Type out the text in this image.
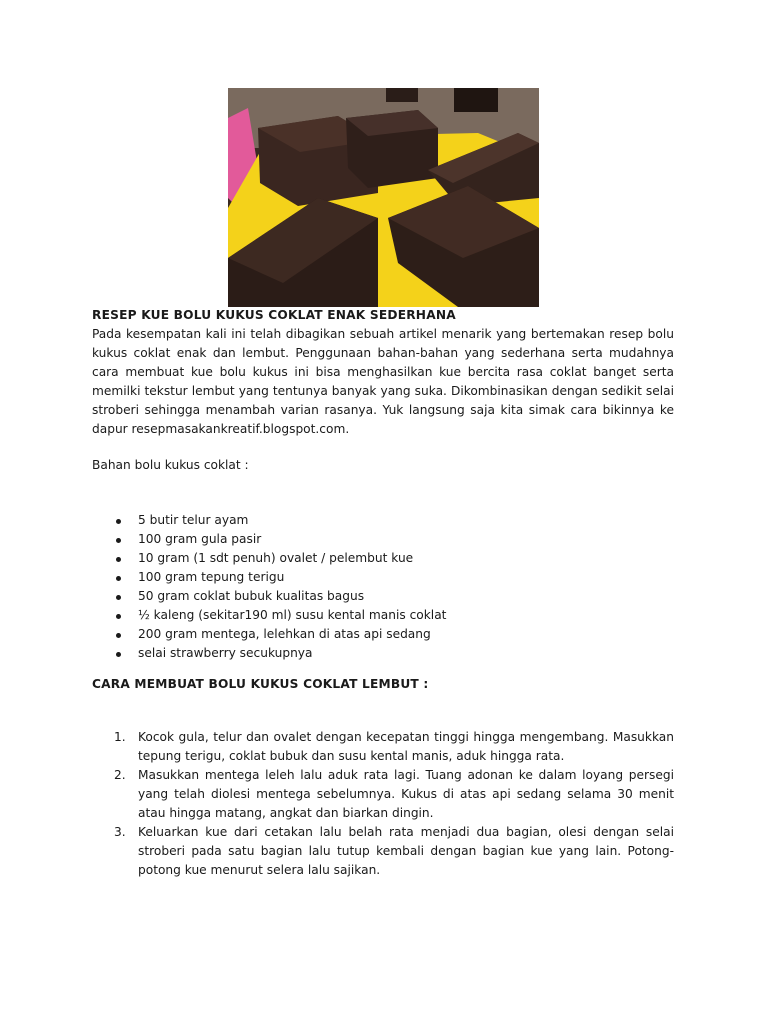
RESEP KUE BOLU KUKUS COKLAT ENAK SEDERHANA

Pada kesempatan kali ini telah dibagikan sebuah artikel menarik yang bertemakan resep bolu kukus coklat enak dan lembut. Penggunaan bahan-bahan yang sederhana serta mudahnya cara membuat kue bolu kukus ini bisa menghasilkan kue bercita rasa coklat banget serta memilki tekstur lembut yang tentunya banyak yang suka. Dikombinasikan dengan sedikit selai stroberi sehingga menambah varian rasanya. Yuk langsung saja kita simak cara bikinnya ke dapur resepmasakankreatif.blogspot.com.

Bahan bolu kukus coklat :

5 butir telur ayam
100 gram gula pasir
10 gram (1 sdt penuh) ovalet / pelembut kue
100 gram tepung terigu
50 gram coklat bubuk kualitas bagus
½ kaleng (sekitar190 ml) susu kental manis coklat
200 gram mentega, lelehkan di atas api sedang
selai strawberry secukupnya

CARA MEMBUAT BOLU KUKUS COKLAT LEMBUT :

1. Kocok gula, telur dan ovalet dengan kecepatan tinggi hingga mengembang. Masukkan tepung terigu, coklat bubuk dan susu kental manis, aduk hingga rata.
2. Masukkan mentega leleh lalu aduk rata lagi. Tuang adonan ke dalam loyang persegi yang telah diolesi mentega sebelumnya. Kukus di atas api sedang selama 30 menit atau hingga matang, angkat dan biarkan dingin.
3. Keluarkan kue dari cetakan lalu belah rata menjadi dua bagian, olesi dengan selai stroberi pada satu bagian lalu tutup kembali dengan bagian kue yang lain. Potong-potong kue menurut selera lalu sajikan.
